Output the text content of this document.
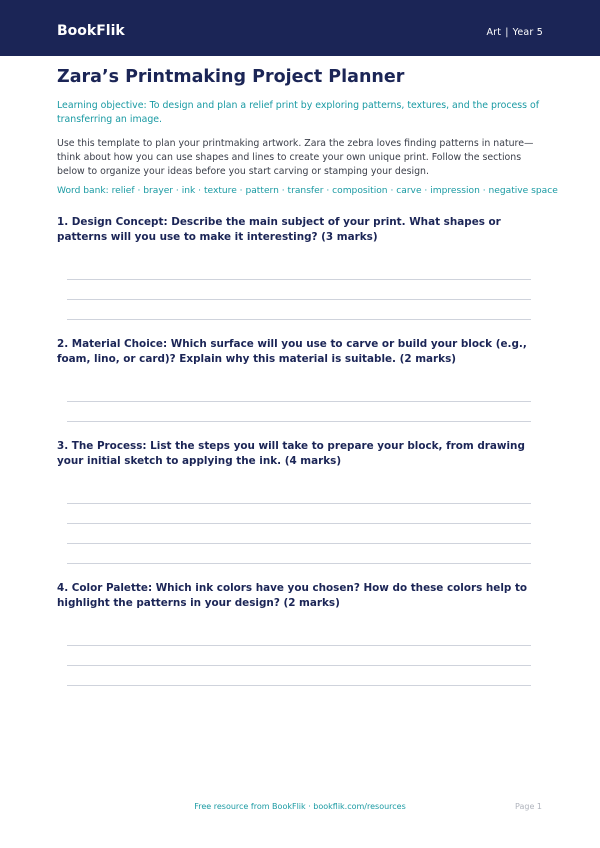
BookFlik	Art | Year 5
Zara’s Printmaking Project Planner
Learning objective: To design and plan a relief print by exploring patterns, textures, and the process of transferring an image.
Use this template to plan your printmaking artwork. Zara the zebra loves finding patterns in nature—think about how you can use shapes and lines to create your own unique print. Follow the sections below to organize your ideas before you start carving or stamping your design.
Word bank: relief · brayer · ink · texture · pattern · transfer · composition · carve · impression · negative space
1. Design Concept: Describe the main subject of your print. What shapes or patterns will you use to make it interesting? (3 marks)
2. Material Choice: Which surface will you use to carve or build your block (e.g., foam, lino, or card)? Explain why this material is suitable. (2 marks)
3. The Process: List the steps you will take to prepare your block, from drawing your initial sketch to applying the ink. (4 marks)
4. Color Palette: Which ink colors have you chosen? How do these colors help to highlight the patterns in your design? (2 marks)
Free resource from BookFlik · bookflik.com/resources	Page 1
